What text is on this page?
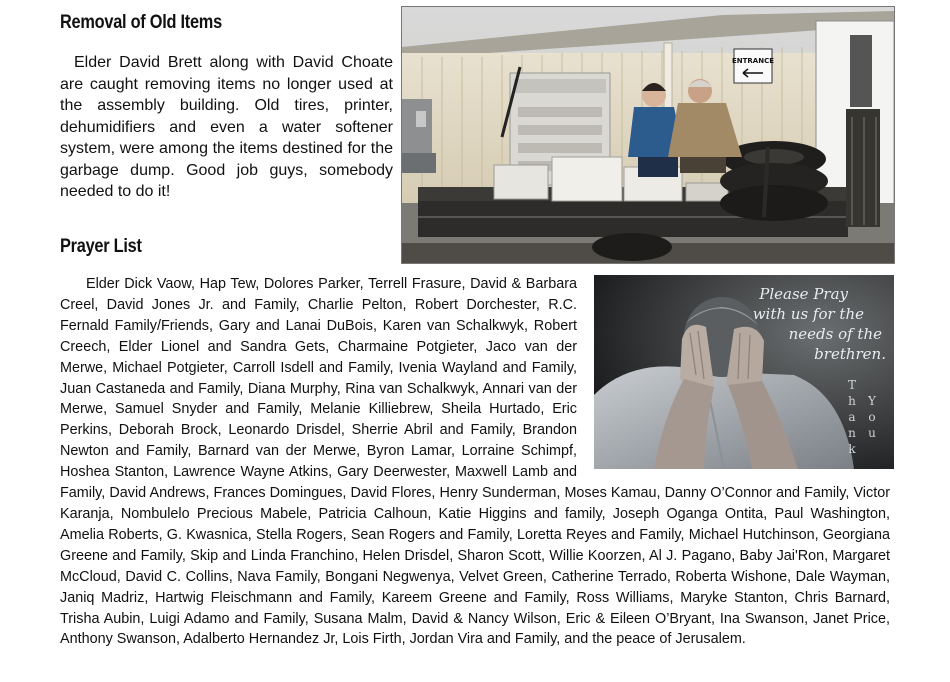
Removal of Old Items

Elder David Brett along with David Choate are caught removing items no longer used at the assembly building. Old tires, printer, dehumidifiers and even a water softener system, were among the items destined for the garbage dump. Good job guys, somebody needed to do it!

ENTRANCE
Prayer List

Elder Dick Vaow, Hap Tew, Dolores Parker, Terrell Frasure, David & Barbara Creel, David Jones Jr. and Family, Charlie Pelton, Robert Dorchester, R.C. Fernald Family/Friends, Gary and Lanai DuBois, Karen van Schalkwyk, Robert Creech, Elder Lionel and Sandra Gets, Charmaine Potgieter, Jaco van der Merwe, Michael Potgieter, Carroll Isdell and Family, Ivenia Wayland and Family, Juan Castaneda and Family, Diana Murphy, Rina van Schalkwyk, Annari van der Merwe, Samuel Snyder and Family, Melanie Killiebrew, Sheila Hurtado, Eric Perkins, Deborah Brock, Leonardo Drisdel, Sherrie Abril and Family, Brandon Newton and Family, Barnard van der Merwe, Byron Lamar, Lorraine Schimpf, Hoshea Stanton, Lawrence Wayne Atkins, Gary Deerwester, Maxwell Lamb and Family, David Andrews, Frances Domingues, David Flores, Henry Sunderman, Moses Kamau, Danny O’Connor and Family, Victor Karanja, Nombulelo Precious Mabele, Patricia Calhoun, Katie Higgins and family, Joseph Oganga Ontita, Paul Washington, Amelia Roberts, G. Kwasnica, Stella Rogers, Sean Rogers and Family, Loretta Reyes and Family, Michael Hutchinson, Georgiana Greene and Family, Skip and Linda Franchino, Helen Drisdel, Sharon Scott, Willie Koorzen, Al J. Pagano, Baby Jai'Ron, Margaret McCloud, David C. Collins, Nava Family, Bongani Negwenya, Velvet Green, Catherine Terrado, Roberta Wishone, Dale Wayman, Janiq Madriz, Hartwig Fleischmann and Family, Kareem Greene and Family, Ross Williams, Maryke Stanton, Chris Barnard, Trisha Aubin, Luigi Adamo and Family, Susana Malm, David & Nancy Wilson, Eric & Eileen O’Bryant, Ina Swanson, Janet Price, Anthony Swanson, Adalberto Hernandez Jr, Lois Firth, Jordan Vira and Family, and the peace of Jerusalem.

Please Pray
with us for the
needs of the
brethren.
T
h
a
n
k
Y
o
u
